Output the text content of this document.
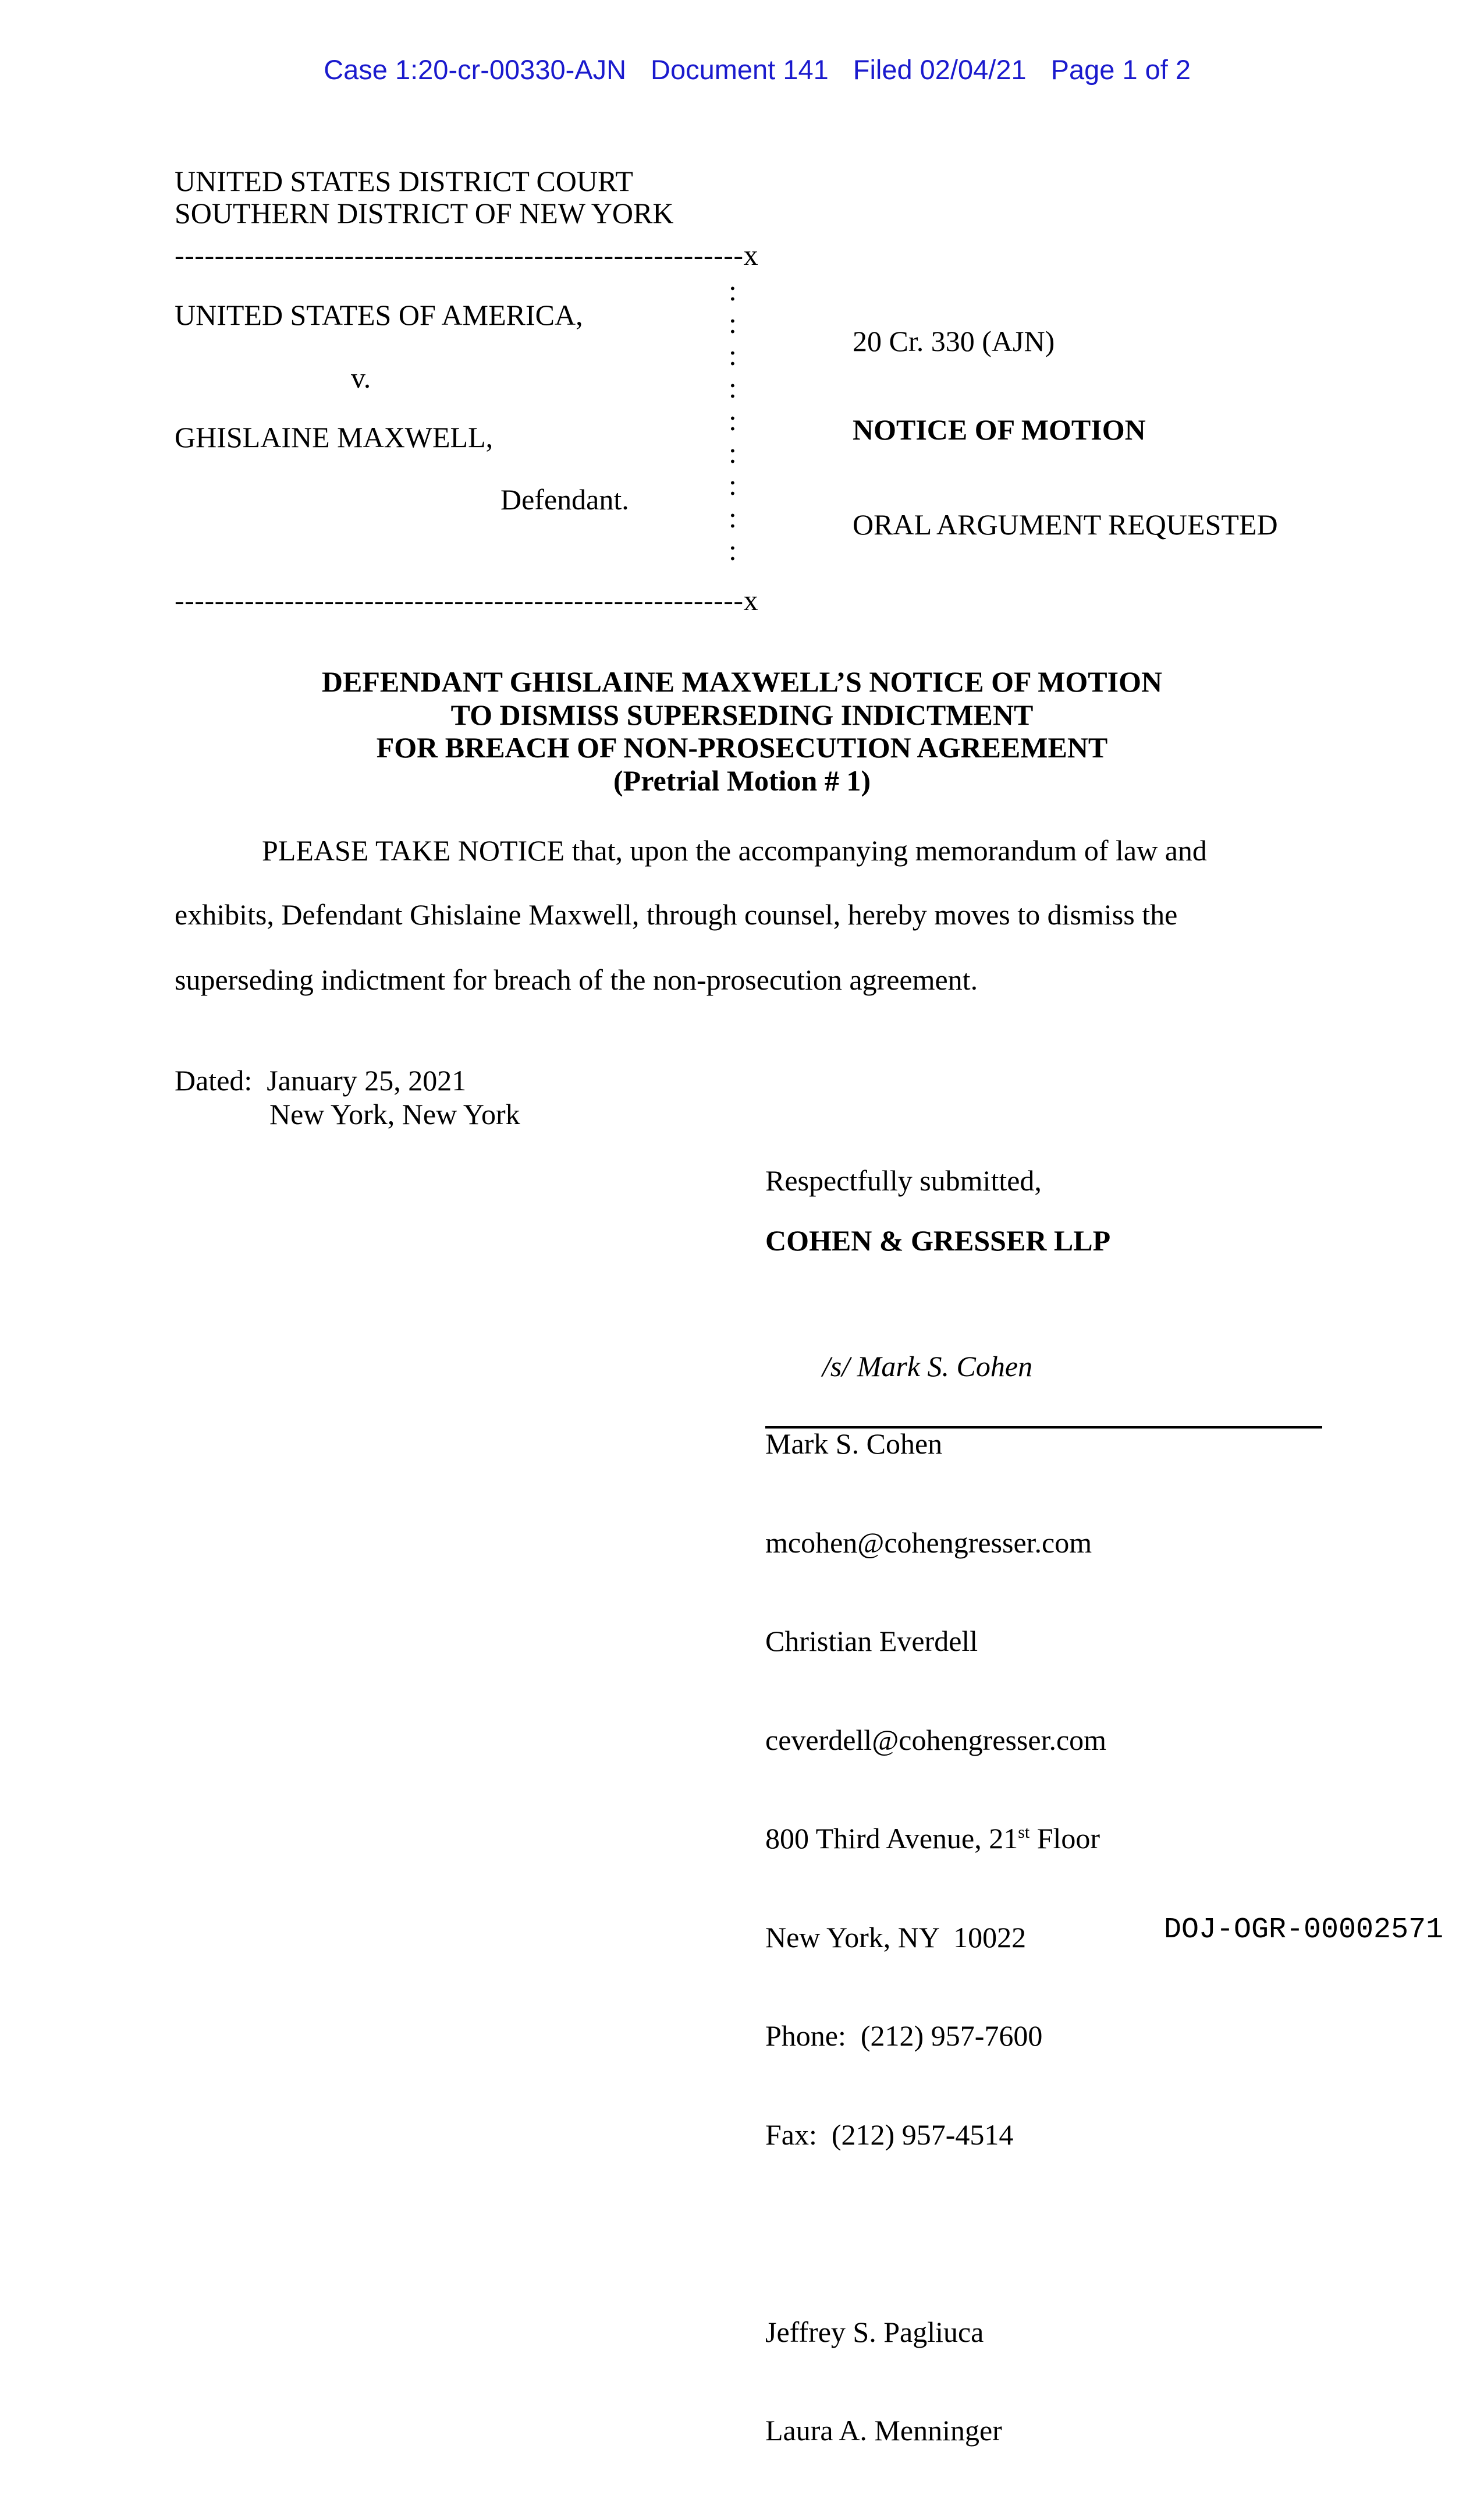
Case 1:20-cr-00330-AJN Document 141 Filed 02/04/21 Page 1 of 2

UNITED STATES DISTRICT COURT
SOUTHERN DISTRICT OF NEW YORK
---------------------------------------------------------x
:
:
:
:
:
:
:
:
:
UNITED STATES OF AMERICA,
v.
GHISLAINE MAXWELL,
Defendant.
20 Cr. 330 (AJN)
NOTICE OF MOTION
ORAL ARGUMENT REQUESTED
---------------------------------------------------------x
DEFENDANT GHISLAINE MAXWELL’S NOTICE OF MOTION
TO DISMISS SUPERSEDING INDICTMENT
FOR BREACH OF NON-PROSECUTION AGREEMENT
(Pretrial Motion # 1)
PLEASE TAKE NOTICE that, upon the accompanying memorandum of law and
exhibits, Defendant Ghislaine Maxwell, through counsel, hereby moves to dismiss the
superseding indictment for breach of the non-prosecution agreement.
Dated:  January 25, 2021
New York, New York
Respectfully submitted,
COHEN & GRESSER LLP

/s/ Mark S. Cohen

Mark S. Cohen

mcohen@cohengresser.com

Christian Everdell

ceverdell@cohengresser.com

800 Third Avenue, 21st Floor

New York, NY  10022

Phone:  (212) 957-7600

Fax:  (212) 957-4514

Jeffrey S. Pagliuca

Laura A. Menninger

DOJ-OGR-00002571
